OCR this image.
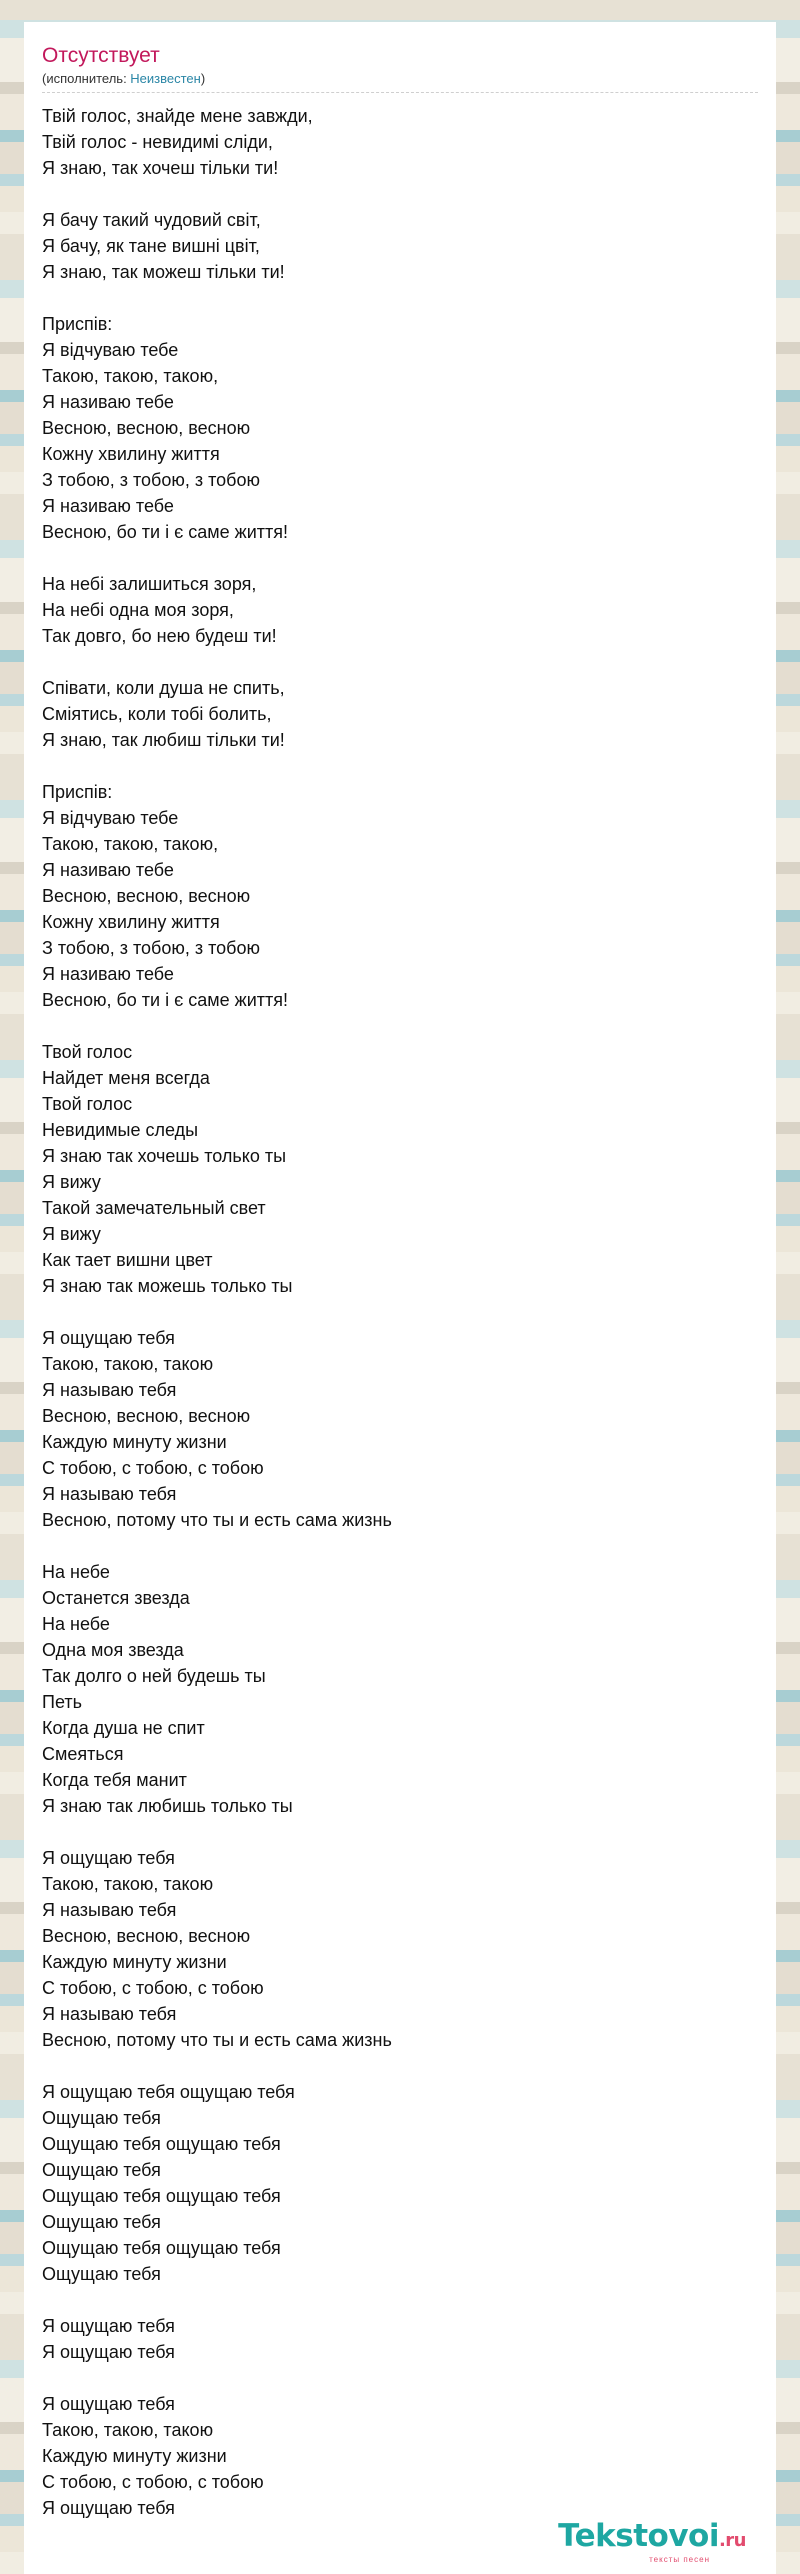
Отсутствует
(исполнитель: Неизвестен)
Твій голос, знайде мене завжди,
Твій голос - невидимі сліди,
Я знаю, так хочеш тільки ти!
Я бачу такий чудовий світ,
Я бачу, як тане вишні цвіт,
Я знаю, так можеш тільки ти!
Приспів:
Я відчуваю тебе
Такою, такою, такою,
Я називаю тебе
Весною, весною, весною
Кожну хвилину життя
З тобою, з тобою, з тобою
Я називаю тебе
Весною, бо ти і є саме життя!
На небі залишиться зоря,
На небі одна моя зоря,
Так довго, бо нею будеш ти!
Співати, коли душа не спить,
Сміятись, коли тобі болить,
Я знаю, так любиш тільки ти!
Приспів:
Я відчуваю тебе
Такою, такою, такою,
Я називаю тебе
Весною, весною, весною
Кожну хвилину життя
З тобою, з тобою, з тобою
Я називаю тебе
Весною, бо ти і є саме життя!
Твой голос
Найдет меня всегда
Твой голос
Невидимые следы
Я знаю так хочешь только ты
Я вижу
Такой замечательный свет
Я вижу
Как тает вишни цвет
Я знаю так можешь только ты
Я ощущаю тебя
Такою, такою, такою
Я называю тебя
Весною, весною, весною
Каждую минуту жизни
С тобою, с тобою, с тобою
Я называю тебя
Весною, потому что ты и есть сама жизнь
На небе
Останется звезда
На небе
Одна моя звезда
Так долго о ней будешь ты
Петь
Когда душа не спит
Смеяться
Когда тебя манит
Я знаю так любишь только ты
Я ощущаю тебя
Такою, такою, такою
Я называю тебя
Весною, весною, весною
Каждую минуту жизни
С тобою, с тобою, с тобою
Я называю тебя
Весною, потому что ты и есть сама жизнь
Я ощущаю тебя ощущаю тебя
Ощущаю тебя
Ощущаю тебя ощущаю тебя
Ощущаю тебя
Ощущаю тебя ощущаю тебя
Ощущаю тебя
Ощущаю тебя ощущаю тебя
Ощущаю тебя
Я ощущаю тебя
Я ощущаю тебя
Я ощущаю тебя
Такою, такою, такою
Каждую минуту жизни
С тобою, с тобою, с тобою
Я ощущаю тебя
Tekstovoi.ru
тексты песен
